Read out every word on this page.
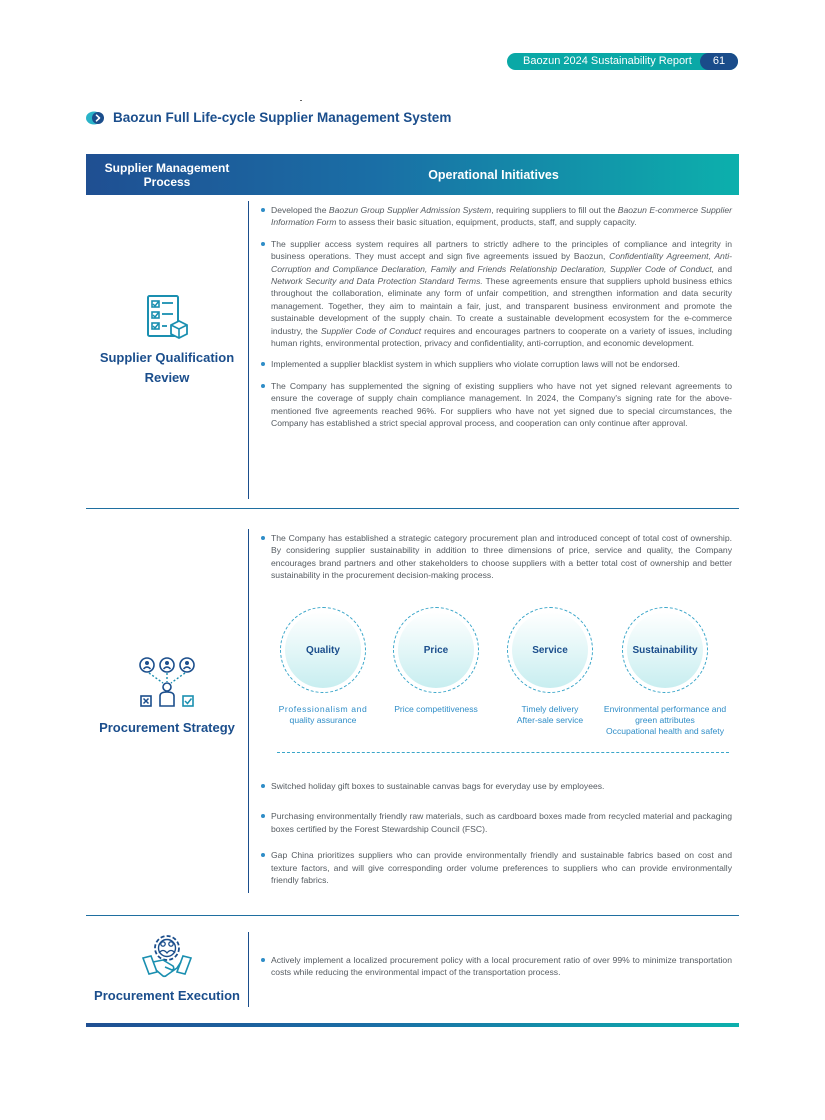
Baozun 2024 Sustainability Report	61
Baozun Full Life-cycle Supplier Management System
Supplier Management Process	Operational Initiatives
Supplier Qualification Review
Developed the Baozun Group Supplier Admission System, requiring suppliers to fill out the Baozun E-commerce Supplier Information Form to assess their basic situation, equipment, products, staff, and supply capacity.
The supplier access system requires all partners to strictly adhere to the principles of compliance and integrity in business operations. They must accept and sign five agreements issued by Baozun, Confidentiality Agreement, Anti-Corruption and Compliance Declaration, Family and Friends Relationship Declaration, Supplier Code of Conduct, and Network Security and Data Protection Standard Terms. These agreements ensure that suppliers uphold business ethics throughout the collaboration, eliminate any form of unfair competition, and strengthen information and data security management. Together, they aim to maintain a fair, just, and transparent business environment and promote the sustainable development of the supply chain. To create a sustainable development ecosystem for the e-commerce industry, the Supplier Code of Conduct requires and encourages partners to cooperate on a variety of issues, including human rights, environmental protection, privacy and confidentiality, anti-corruption, and economic development.
Implemented a supplier blacklist system in which suppliers who violate corruption laws will not be endorsed.
The Company has supplemented the signing of existing suppliers who have not yet signed relevant agreements to ensure the coverage of supply chain compliance management. In 2024, the Company's signing rate for the above-mentioned five agreements reached 96%. For suppliers who have not yet signed due to special circumstances, the Company has established a strict special approval process, and cooperation can only continue after approval.
Procurement Strategy
The Company has established a strategic category procurement plan and introduced concept of total cost of ownership. By considering supplier sustainability in addition to three dimensions of price, service and quality, the Company encourages brand partners and other stakeholders to choose suppliers with a better total cost of ownership and better sustainability in the procurement decision-making process.
Quality
Professionalism and
quality assurance
Price
Price competitiveness
Service
Timely delivery
After-sale service
Sustainability
Environmental performance and
green attributes
Occupational health and safety
Switched holiday gift boxes to sustainable canvas bags for everyday use by employees.
Purchasing environmentally friendly raw materials, such as cardboard boxes made from recycled material and packaging boxes certified by the Forest Stewardship Council (FSC).
Gap China prioritizes suppliers who can provide environmentally friendly and sustainable fabrics based on cost and texture factors, and will give corresponding order volume preferences to suppliers who can provide environmentally friendly fabrics.
Procurement Execution
Actively implement a localized procurement policy with a local procurement ratio of over 99% to minimize transportation costs while reducing the environmental impact of the transportation process.
